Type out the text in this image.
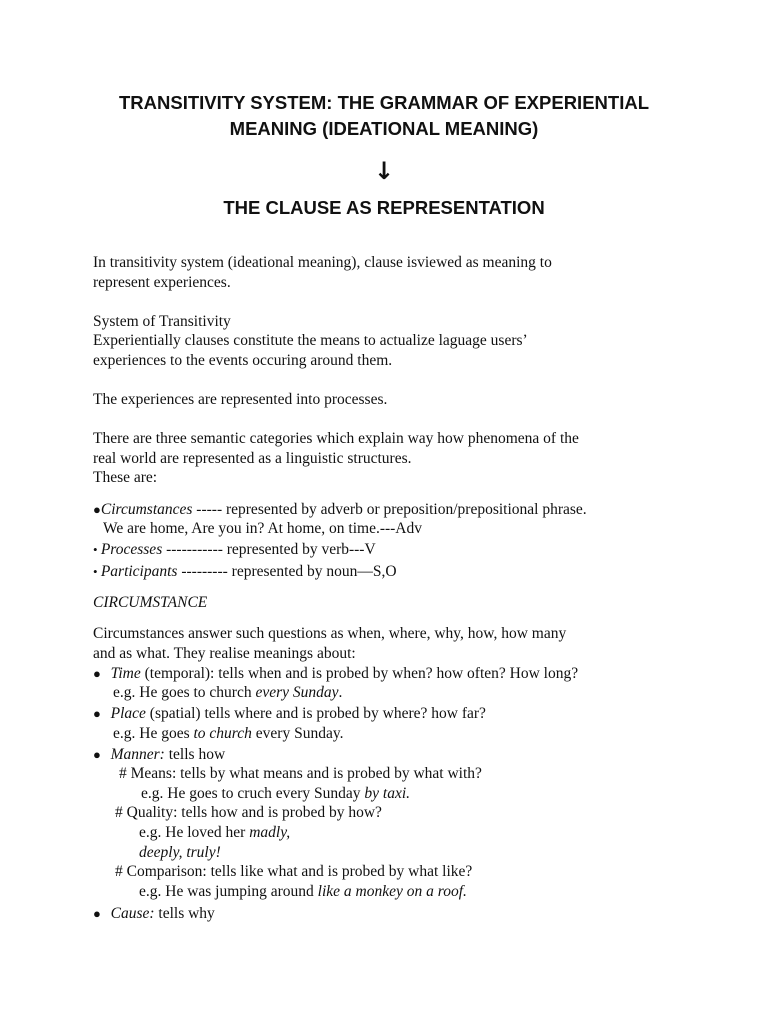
TRANSITIVITY SYSTEM: THE GRAMMAR OF EXPERIENTIAL
MEANING (IDEATIONAL MEANING)
↓
THE CLAUSE AS REPRESENTATION
In transitivity system (ideational meaning), clause isviewed as meaning to
represent experiences.
System of Transitivity
Experientially clauses constitute the means to actualize laguage users’
experiences to the events occuring around them.
The experiences are represented into processes.
There are three semantic categories which explain way how phenomena of the
real world are represented as a linguistic structures.
These are:
●Circumstances ----- represented by adverb or preposition/prepositional phrase.
We are home, Are you in? At home, on time.---Adv
• Processes ----------- represented by verb---V
• Participants --------- represented by noun—S,O
CIRCUMSTANCE
Circumstances answer such questions as when, where, why, how, how many
and as what. They realise meanings about:
●   Time (temporal): tells when and is probed by when? how often? How long?
e.g. He goes to church every Sunday.
●   Place (spatial) tells where and is probed by where? how far?
e.g. He goes to church every Sunday.
●   Manner: tells how
# Means: tells by what means and is probed by what with?
e.g. He goes to cruch every Sunday by taxi.
# Quality: tells how and is probed by how?
e.g. He loved her madly,
deeply, truly!
# Comparison: tells like what and is probed by what like?
e.g. He was jumping around like a monkey on a roof.
●   Cause: tells why
